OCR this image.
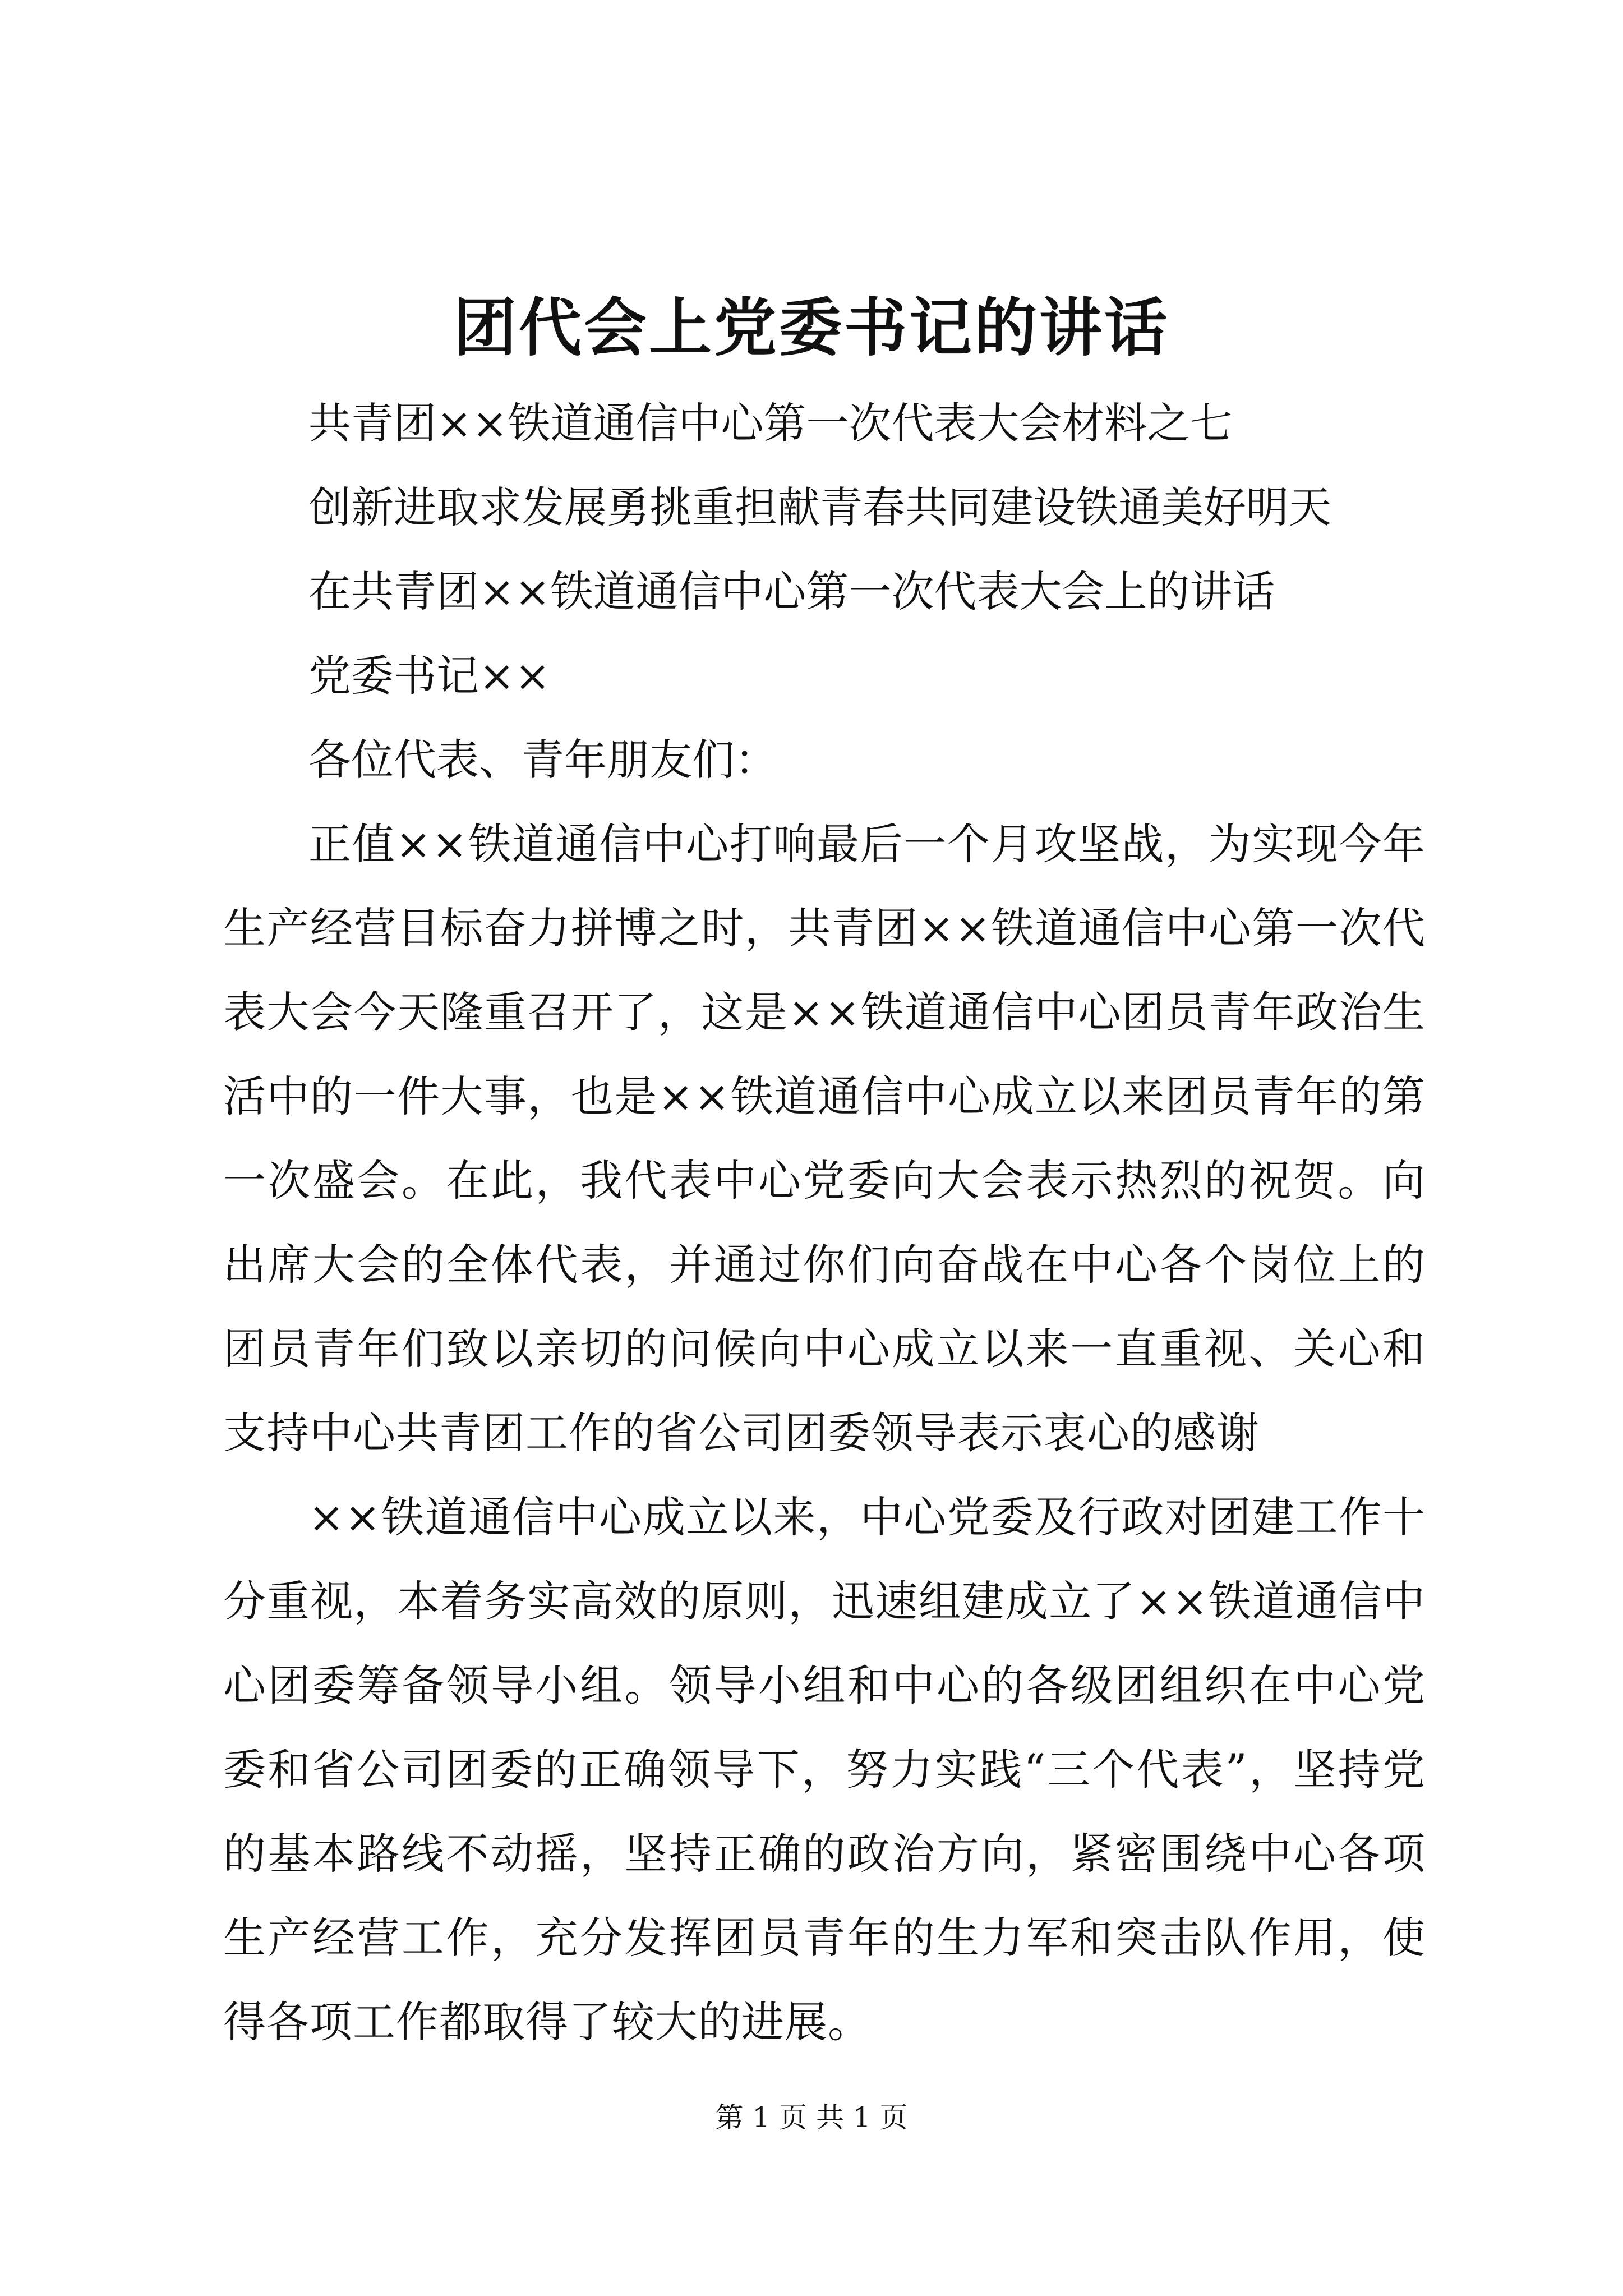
团代会上党委书记的讲话

共青团××铁道通信中心第一次代表大会材料之七

创新进取求发展勇挑重担献青春共同建设铁通美好明天

在共青团××铁道通信中心第一次代表大会上的讲话

党委书记××

各位代表、青年朋友们：

正值××铁道通信中心打响最后一个月攻坚战，为实现今年生产经营目标奋力拼博之时，共青团××铁道通信中心第一次代表大会今天隆重召开了，这是××铁道通信中心团员青年政治生活中的一件大事，也是××铁道通信中心成立以来团员青年的第一次盛会。在此，我代表中心党委向大会表示热烈的祝贺。向出席大会的全体代表，并通过你们向奋战在中心各个岗位上的团员青年们致以亲切的问候向中心成立以来一直重视、关心和支持中心共青团工作的省公司团委领导表示衷心的感谢

××铁道通信中心成立以来，中心党委及行政对团建工作十分重视，本着务实高效的原则，迅速组建成立了××铁道通信中心团委筹备领导小组。领导小组和中心的各级团组织在中心党委和省公司团委的正确领导下，努力实践“三个代表”，坚持党的基本路线不动摇，坚持正确的政治方向，紧密围绕中心各项生产经营工作，充分发挥团员青年的生力军和突击队作用，使得各项工作都取得了较大的进展。

第 1 页 共 1 页
